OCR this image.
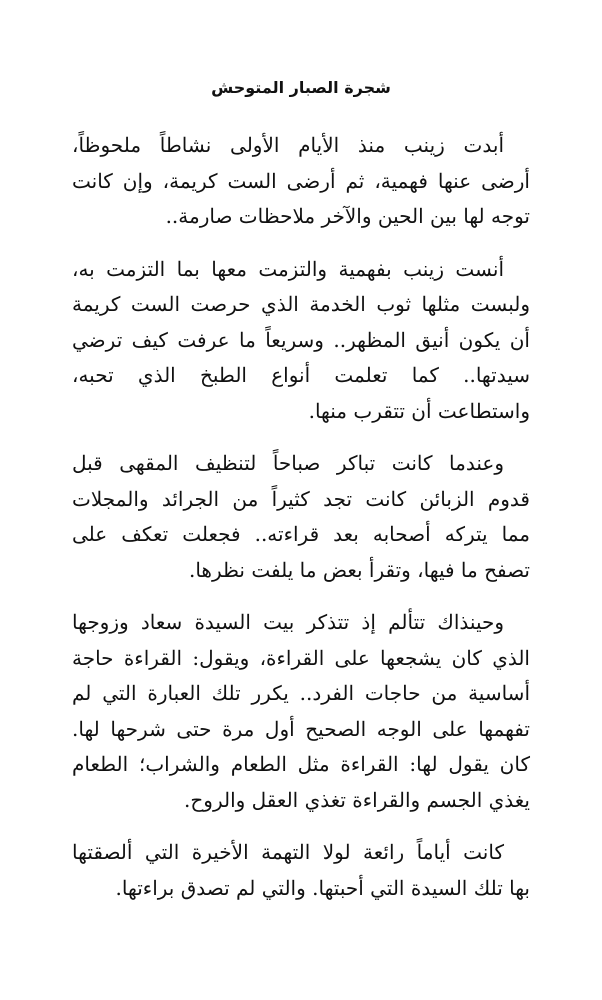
شجرة الصبار المتوحش

أبدت زينب منذ الأيام الأولى نشاطاً ملحوظاً،
أرضى عنها فهمية، ثم أرضى الست كريمة، وإن كانت
توجه لها بين الحين والآخر ملاحظات صارمة..

أنست زينب بفهمية والتزمت معها بما التزمت به،
ولبست مثلها ثوب الخدمة الذي حرصت الست كريمة
أن يكون أنيق المظهر.. وسريعاً ما عرفت كيف ترضي
سيدتها.. كما تعلمت أنواع الطبخ الذي تحبه،
واستطاعت أن تتقرب منها.

وعندما كانت تباكر صباحاً لتنظيف المقهى قبل
قدوم الزبائن كانت تجد كثيراً من الجرائد والمجلات
مما يتركه أصحابه بعد قراءته.. فجعلت تعكف على
تصفح ما فيها، وتقرأ بعض ما يلفت نظرها.

وحينذاك تتألم إذ تتذكر بيت السيدة سعاد وزوجها
الذي كان يشجعها على القراءة، ويقول: القراءة حاجة
أساسية من حاجات الفرد.. يكرر تلك العبارة التي لم
تفهمها على الوجه الصحيح أول مرة حتى شرحها لها.
كان يقول لها: القراءة مثل الطعام والشراب؛ الطعام
يغذي الجسم والقراءة تغذي العقل والروح.

كانت أياماً رائعة لولا التهمة الأخيرة التي ألصقتها
بها تلك السيدة التي أحبتها. والتي لم تصدق براءتها.
